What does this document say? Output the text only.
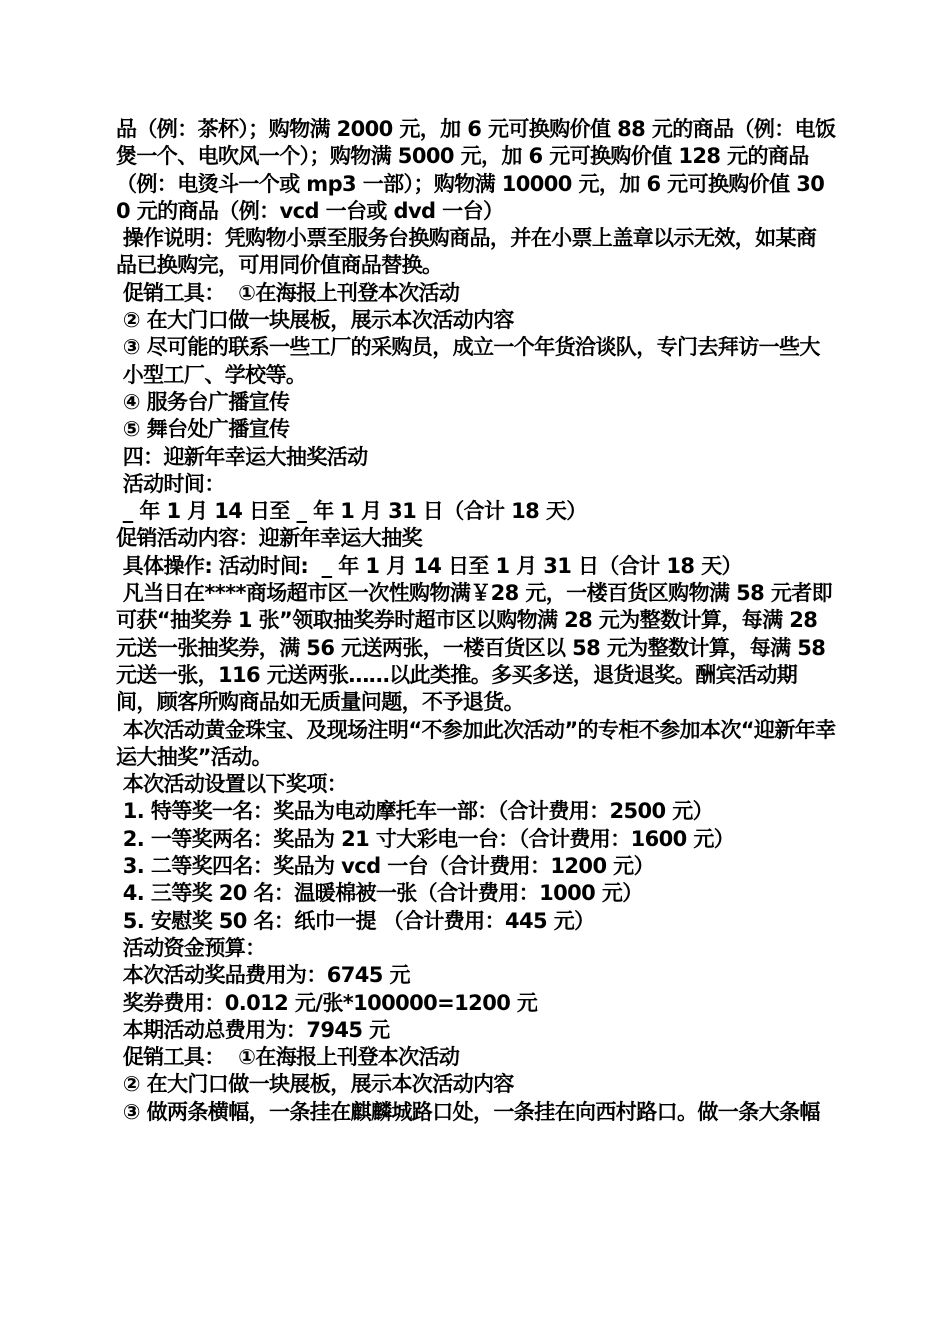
品（例：茶杯）；购物满 2000 元，加 6 元可换购价值 88 元的商品（例：电饭煲一个、电吹风一个）；购物满 5000 元，加 6 元可换购价值 128 元的商品（例：电烫斗一个或 mp3 一部）；购物满 10000 元，加 6 元可换购价值 300 元的商品（例：vcd 一台或 dvd 一台）

操作说明：凭购物小票至服务台换购商品，并在小票上盖章以示无效，如某商品已换购完，可用同价值商品替换。

促销工具：  ①在海报上刊登本次活动

② 在大门口做一块展板，展示本次活动内容

③ 尽可能的联系一些工厂的采购员，成立一个年货洽谈队，专门去拜访一些大

小型工厂、学校等。

④ 服务台广播宣传

⑤ 舞台处广播宣传

四：迎新年幸运大抽奖活动

活动时间：

_ 年 1 月 14 日至 _ 年 1 月 31 日（合计 18 天）

促销活动内容：迎新年幸运大抽奖

具体操作: 活动时间:  _ 年 1 月 14 日至 1 月 31 日（合计 18 天）

凡当日在****商场超市区一次性购物满￥28 元，一楼百货区购物满 58 元者即可获“抽奖券 1 张”领取抽奖券时超市区以购物满 28 元为整数计算，每满 28 元送一张抽奖券，满 56 元送两张，一楼百货区以 58 元为整数计算，每满 58 元送一张，116 元送两张……以此类推。多买多送，退货退奖。酬宾活动期间，顾客所购商品如无质量问题，不予退货。

本次活动黄金珠宝、及现场注明“不参加此次活动”的专柜不参加本次“迎新年幸运大抽奖”活动。

本次活动设置以下奖项：

1. 特等奖一名：奖品为电动摩托车一部：（合计费用：2500 元）

2. 一等奖两名：奖品为 21 寸大彩电一台：（合计费用：1600 元）

3. 二等奖四名：奖品为 vcd 一台（合计费用：1200 元）

4. 三等奖 20 名：温暖棉被一张（合计费用：1000 元）

5. 安慰奖 50 名：纸巾一提 （合计费用：445 元）

活动资金预算：

本次活动奖品费用为：6745 元

奖券费用：0.012 元/张*100000=1200 元

本期活动总费用为：7945 元

促销工具：  ①在海报上刊登本次活动

② 在大门口做一块展板，展示本次活动内容

③ 做两条横幅，一条挂在麒麟城路口处，一条挂在向西村路口。做一条大条幅
